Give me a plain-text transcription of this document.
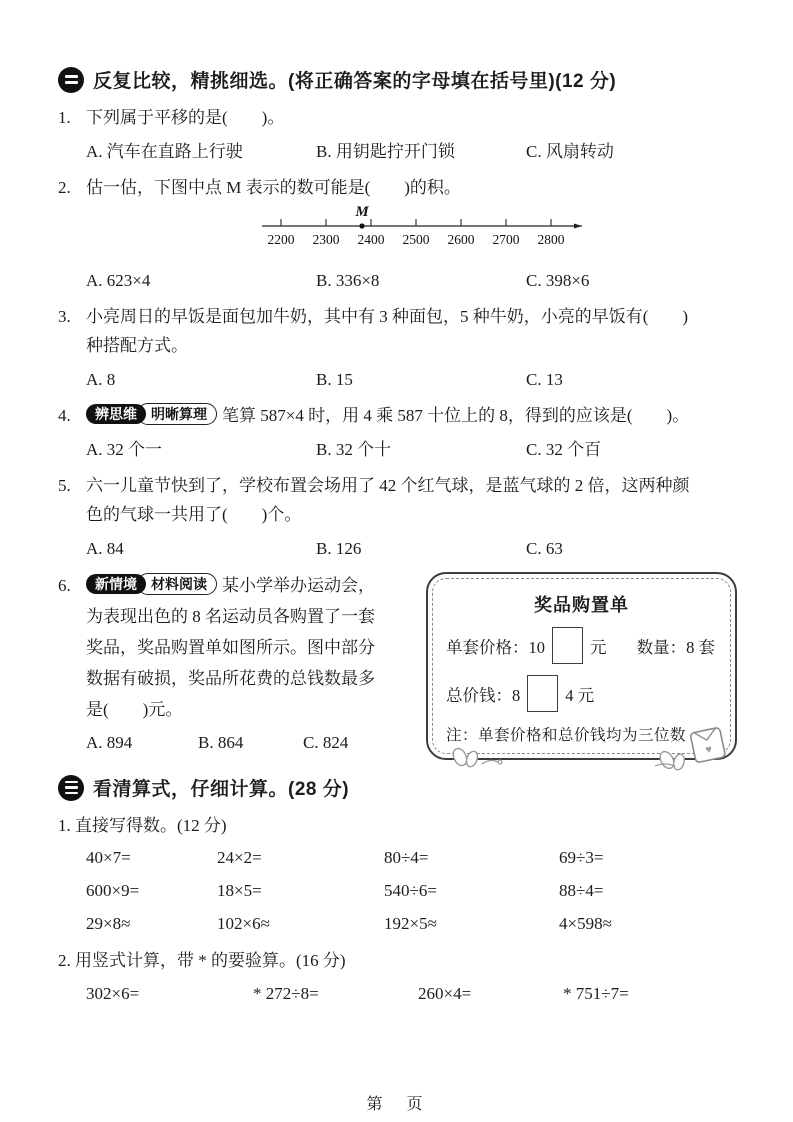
反复比较，精挑细选。(将正确答案的字母填在括号里)(12 分)
1. 下列属于平移的是(　　)。
A. 汽车在直路上行驶	B. 用钥匙拧开门锁	C. 风扇转动
2. 估一估，下图中点 M 表示的数可能是(　　)的积。
M
2200 2300 2400 2500 2600 2700 2800
A. 623×4	B. 336×8	C. 398×6
3. 小亮周日的早饭是面包加牛奶，其中有 3 种面包，5 种牛奶，小亮的早饭有(　　)
种搭配方式。
A. 8	B. 15	C. 13
4. 辨思维 明晰算理 笔算 587×4 时，用 4 乘 587 十位上的 8，得到的应该是(　　)。
A. 32 个一	B. 32 个十	C. 32 个百
5. 六一儿童节快到了，学校布置会场用了 42 个红气球，是蓝气球的 2 倍，这两种颜
色的气球一共用了(　　)个。
A. 84	B. 126	C. 63
6. 新情境 材料阅读 某小学举办运动会，
为表现出色的 8 名运动员各购置了一套
奖品，奖品购置单如图所示。图中部分
数据有破损，奖品所花费的总钱数最多
是(　　)元。
A. 894	B. 864	C. 824
奖品购置单
单套价格：10	元 数量：8 套
总价钱：8	4 元
注：单套价格和总价钱均为三位数
♥
看清算式，仔细计算。(28 分)
1. 直接写得数。(12 分)
40×7=	24×2=	80÷4=	69÷3=
600×9=	18×5=	540÷6=	88÷4=
29×8≈	102×6≈	192×5≈	4×598≈
2. 用竖式计算，带 * 的要验算。(16 分)
302×6=	* 272÷8=	260×4=	* 751÷7=
第　页
